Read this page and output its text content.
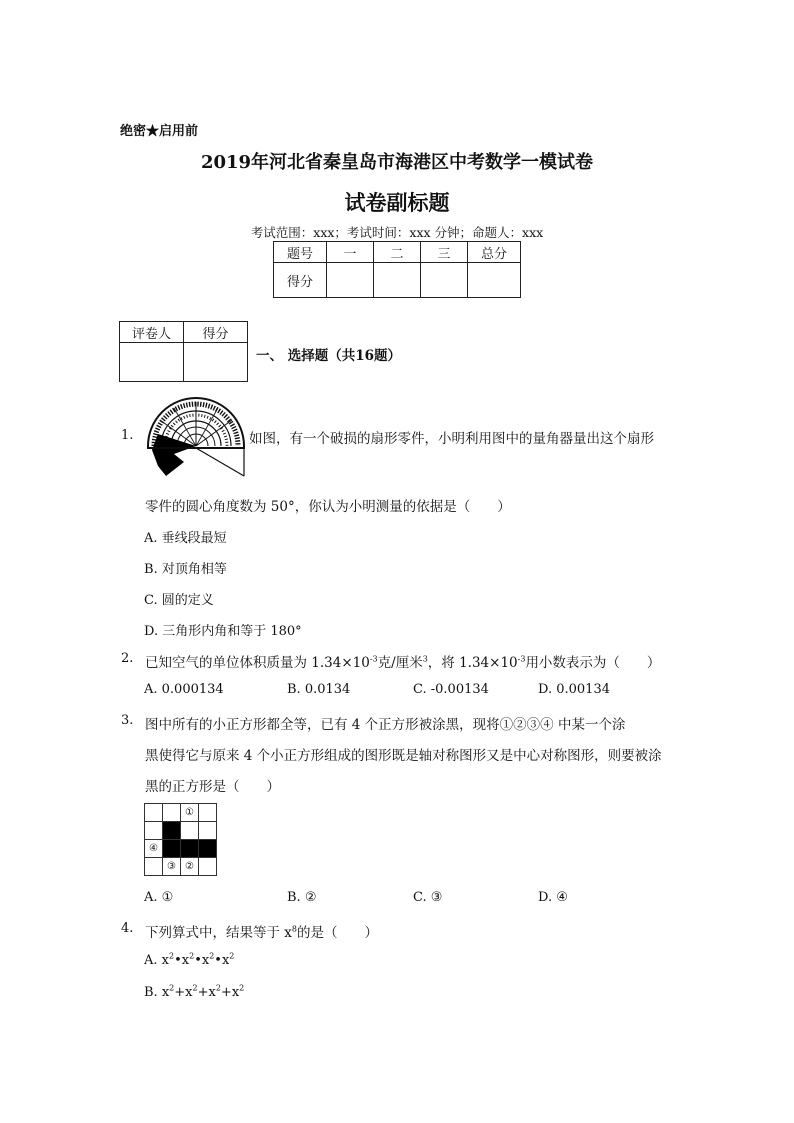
绝密★启用前
2019年河北省秦皇岛市海港区中考数学一模试卷
试卷副标题
考试范围：xxx；考试时间：xxx 分钟；命题人：xxx
题号	一	二	三	总分
得分				
评卷人	得分

一、 选择题（共16题）
1.	如图，有一个破损的扇形零件，小明利用图中的量角器量出这个扇形
零件的圆心角度数为 50°，你认为小明测量的依据是（　　）
A. 垂线段最短
B. 对顶角相等
C. 圆的定义
D. 三角形内角和等于 180°
2. 已知空气的单位体积质量为 $1.34\times 10^{-3}$克/厘米$^3$，将 $1.34\times 10^{-3}$用小数表示为（　　）
A. 0.000134	B. 0.0134	C. -0.00134	D. 0.00134
3. 图中所有的小正方形都全等，已有 4 个正方形被涂黑，现将①②③④ 中某一个涂
黑使得它与原来 4 个小正方形组成的图形既是轴对称图形又是中心对称图形，则要被涂
黑的正方形是（　　）
		①	

④			
	③	②	
A. ①	B. ②	C. ③	D. ④
4. 下列算式中，结果等于 $x^8$的是（　　）
A. $x^2•x^2•x^2•x^2$
B. $x^2+x^2+x^2+x^2$
